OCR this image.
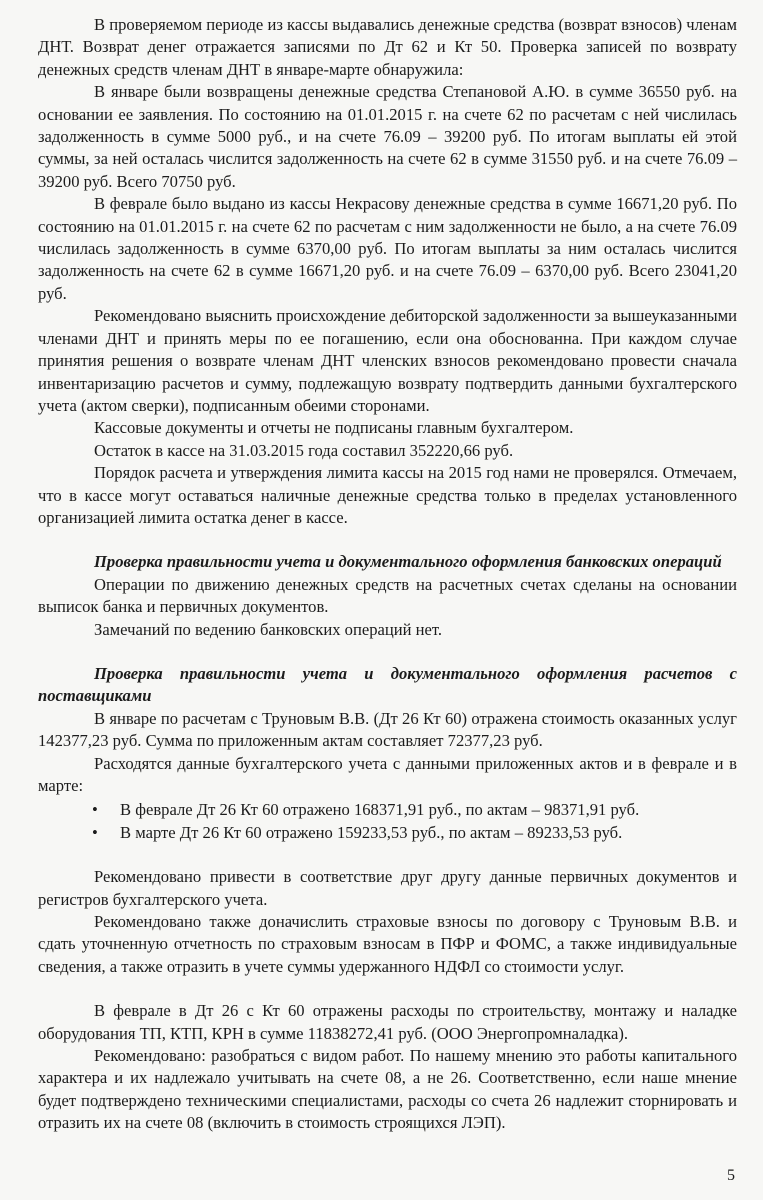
В проверяемом периоде из кассы выдавались денежные средства (возврат взносов) членам ДНТ. Возврат денег отражается записями по Дт 62 и Кт 50. Проверка записей по возврату денежных средств членам ДНТ в январе-марте обнаружила:

В январе были возвращены денежные средства Степановой А.Ю. в сумме 36550 руб. на основании ее заявления. По состоянию на 01.01.2015 г. на счете 62 по расчетам с ней числилась задолженность в сумме 5000 руб., и на счете 76.09 – 39200 руб. По итогам выплаты ей этой суммы, за ней осталась числится задолженность на счете 62 в сумме 31550 руб. и на счете 76.09 – 39200 руб. Всего 70750 руб.

В феврале было выдано из кассы Некрасову денежные средства в сумме 16671,20 руб. По состоянию на 01.01.2015 г. на счете 62 по расчетам с ним задолженности не было, а на счете 76.09 числилась задолженность в сумме 6370,00 руб. По итогам выплаты за ним осталась числится задолженность на счете 62 в сумме 16671,20 руб. и на счете 76.09 – 6370,00 руб. Всего 23041,20 руб.

Рекомендовано выяснить происхождение дебиторской задолженности за вышеуказанными членами ДНТ и принять меры по ее погашению, если она обоснованна. При каждом случае принятия решения о возврате членам ДНТ членских взносов рекомендовано провести сначала инвентаризацию расчетов и сумму, подлежащую возврату подтвердить данными бухгалтерского учета (актом сверки), подписанным обеими сторонами.

Кассовые документы и отчеты не подписаны главным бухгалтером.

Остаток в кассе на 31.03.2015 года составил 352220,66 руб.

Порядок расчета и утверждения лимита кассы на 2015 год нами не проверялся. Отмечаем, что в кассе могут оставаться наличные денежные средства только в пределах установленного организацией лимита остатка денег в кассе.

Проверка правильности учета и документального оформления банковских операций

Операции по движению денежных средств на расчетных счетах сделаны на основании выписок банка и первичных документов.

Замечаний по ведению банковских операций нет.

Проверка правильности учета и документального оформления расчетов с поставщиками

В январе по расчетам с Труновым В.В. (Дт 26 Кт 60) отражена стоимость оказанных услуг 142377,23 руб. Сумма по приложенным актам составляет 72377,23 руб.

Расходятся данные бухгалтерского учета с данными приложенных актов и в феврале и в марте:

• В феврале Дт 26 Кт 60 отражено 168371,91 руб., по актам – 98371,91 руб.
• В марте Дт 26 Кт 60 отражено 159233,53 руб., по актам – 89233,53 руб.

Рекомендовано привести в соответствие друг другу данные первичных документов и регистров бухгалтерского учета.

Рекомендовано также доначислить страховые взносы по договору с Труновым В.В. и сдать уточненную отчетность по страховым взносам в ПФР и ФОМС, а также индивидуальные сведения, а также отразить в учете суммы удержанного НДФЛ со стоимости услуг.

В феврале в Дт 26 с Кт 60 отражены расходы по строительству, монтажу и наладке оборудования ТП, КТП, КРН в сумме 11838272,41 руб. (ООО Энергопромналадка).

Рекомендовано: разобраться с видом работ. По нашему мнению это работы капитального характера и их надлежало учитывать на счете 08, а не 26. Соответственно, если наше мнение будет подтверждено техническими специалистами, расходы со счета 26 надлежит сторнировать и отразить их на счете 08 (включить в стоимость строящихся ЛЭП).

5
